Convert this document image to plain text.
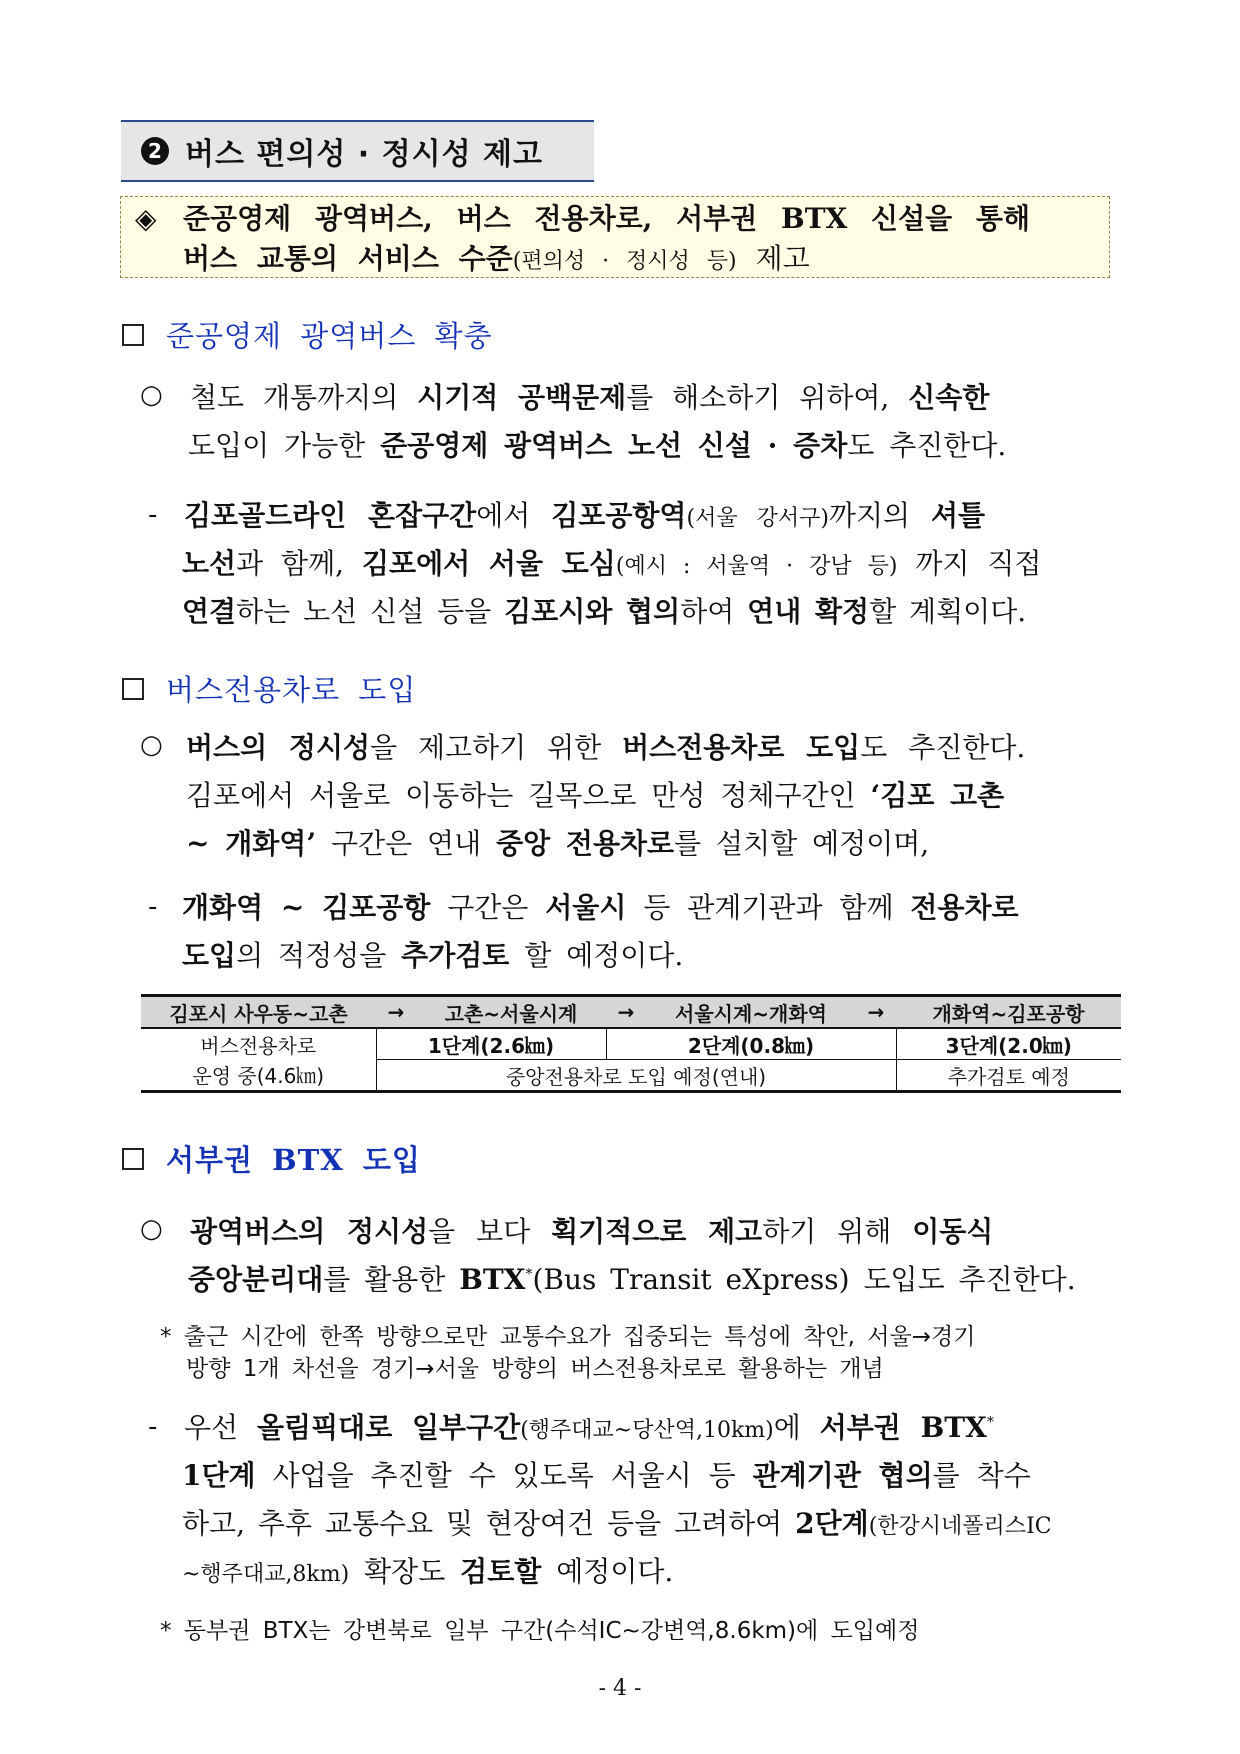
2 버스 편의성 · 정시성 제고
◈ 준공영제 광역버스, 버스 전용차로, 서부권 BTX 신설을 통해
버스 교통의 서비스 수준(편의성 · 정시성 등) 제고
준공영제 광역버스 확충
○ 철도 개통까지의 시기적 공백문제를 해소하기 위하여, 신속한
도입이 가능한 준공영제 광역버스 노선 신설 · 증차도 추진한다.
- 김포골드라인 혼잡구간에서 김포공항역(서울 강서구)까지의 셔틀
노선과 함께, 김포에서 서울 도심(예시 : 서울역 · 강남 등) 까지 직접
연결하는 노선 신설 등을 김포시와 협의하여 연내 확정할 계획이다.
버스전용차로 도입
○ 버스의 정시성을 제고하기 위한 버스전용차로 도입도 추진한다.
김포에서 서울로 이동하는 길목으로 만성 정체구간인 ‘김포 고촌
~ 개화역’ 구간은 연내 중앙 전용차로를 설치할 예정이며,
- 개화역 ~ 김포공항 구간은 서울시 등 관계기관과 함께 전용차로
도입의 적정성을 추가검토 할 예정이다.
김포시 사우동~고촌	→	고촌~서울시계	→	서울시계~개화역	→	개화역~김포공항
버스전용차로	1단계(2.6㎞)		2단계(0.8㎞)			3단계(2.0㎞)
운영 중(4.6㎞)	중앙전용차로 도입 예정(연내)					추가검토 예정
서부권 BTX 도입
○ 광역버스의 정시성을 보다 획기적으로 제고하기 위해 이동식
중앙분리대를 활용한 BTX*(Bus Transit eXpress) 도입도 추진한다.
* 출근 시간에 한쪽 방향으로만 교통수요가 집중되는 특성에 착안, 서울→경기
방향 1개 차선을 경기→서울 방향의 버스전용차로로 활용하는 개념
- 우선 올림픽대로 일부구간(행주대교~당산역,10km)에 서부권 BTX*
1단계 사업을 추진할 수 있도록 서울시 등 관계기관 협의를 착수
하고, 추후 교통수요 및 현장여건 등을 고려하여 2단계(한강시네폴리스IC
~행주대교,8km) 확장도 검토할 예정이다.
* 동부권 BTX는 강변북로 일부 구간(수석IC~강변역,8.6km)에 도입예정
- 4 -
